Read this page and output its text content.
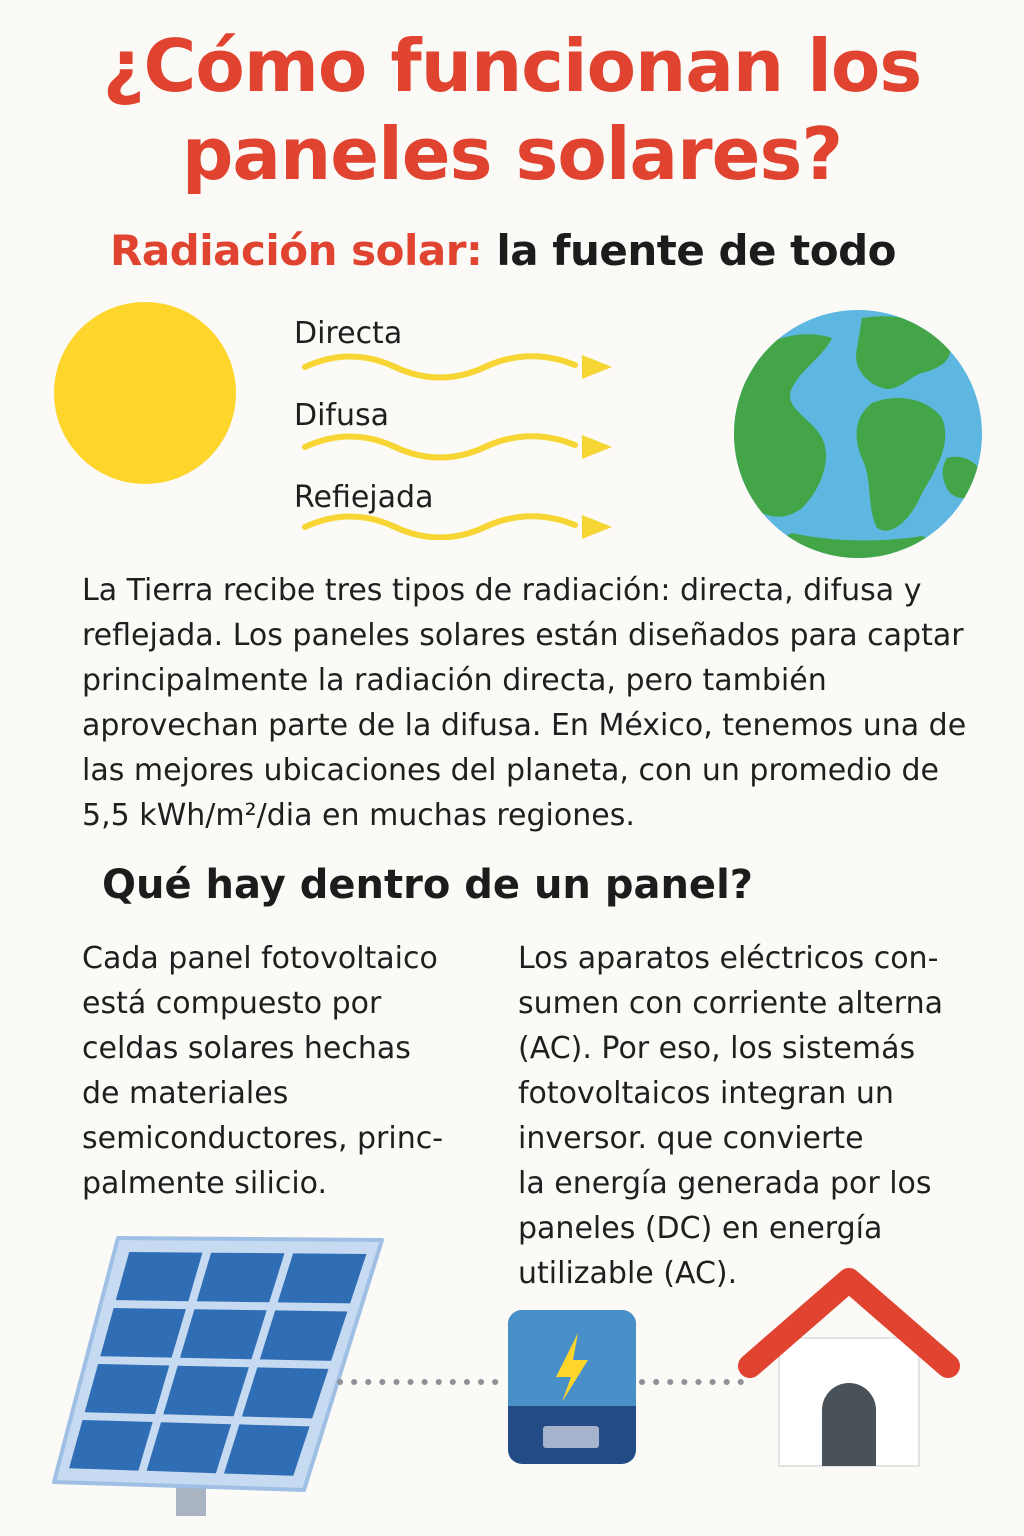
¿Cómo funcionan los
paneles solares?
Radiación solar: la fuente de todo
Directa
Difusa
Refiejada

La Tierra recibe tres tipos de radiación: directa, difusa y reflejada. Los paneles solares están diseñados para captar principalmente la radiación directa, pero también aprovechan parte de la difusa. En México, tenemos una de las mejores ubicaciones del planeta, con un promedio de 5,5 kWh/m²/dia en muchas regiones.

Qué hay dentro de un panel?
Cada panel fotovoltaico
está compuesto por
celdas solares hechas
de materiales
semiconductores, princ-
palmente silicio.
Los aparatos eléctricos con-
sumen con corriente alterna
(AC). Por eso, los sistemás
fotovoltaicos integran un
inversor. que convierte
la energía generada por los
paneles (DC) en energía
utilizable (AC).
